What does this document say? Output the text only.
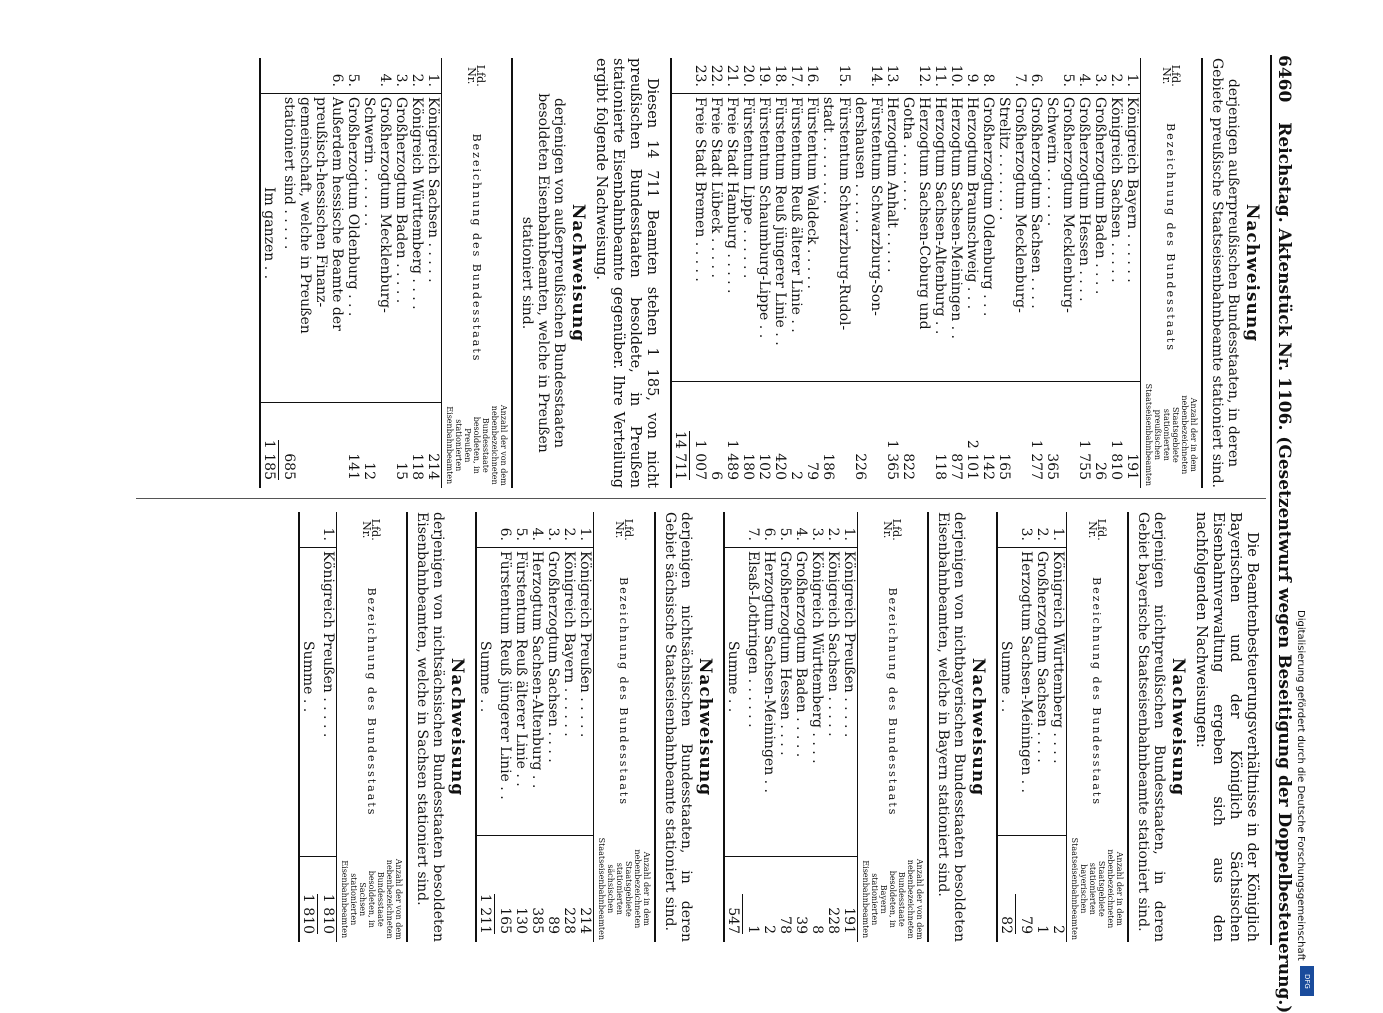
6460 Reichstag. Aktenstück Nr. 1106. (Gesetzentwurf wegen Beseitigung der Doppelbesteuerung.)
Nachweisung
derjenigen außerpreußischen Bundesstaaten, in deren Gebiete preußische Staatseisenbahnbeamte stationiert sind.
Lfd. Nr.	Bezeichnung des Bundesstaats	Anzahl der in dem nebenbezeichneten Staatsgebiete stationierten preußischen Staatseisenbahnbeamten
1.	Königreich Bayern . . . . . .	191
2.	Königreich Sachsen . . . . .	1 810
3.	Großherzogtum Baden . . . .	26
4.	Großherzogtum Hessen . . . .	1 755
5.	Großherzogtum Mecklenburg-	
	Schwerin . . . . . . .	365
6.	Großherzogtum Sachsen . . . .	1 277
7.	Großherzogtum Mecklenburg-	
	Strelitz . . . . . . . .	165
8.	Großherzogtum Oldenburg . . .	142
9.	Herzogtum Braunschweig . . .	2 101
10.	Herzogtum Sachsen-Meiningen . .	877
11.	Herzogtum Sachsen-Altenburg . .	118
12.	Herzogtum Sachsen-Coburg und	
	Gotha . . . . . . . .	822
13.	Herzogtum Anhalt . . . . .	1 365
14.	Fürstentum Schwarzburg-Son-	
	dershausen . . . . . .	226
15.	Fürstentum Schwarzburg-Rudol-	
	stadt . . . . . . . .	186
16.	Fürstentum Waldeck . . . . .	79
17.	Fürstentum Reuß älterer Linie . .	2
18.	Fürstentum Reuß jüngerer Linie . .	420
19.	Fürstentum Schaumburg-Lippe . .	102
20.	Fürstentum Lippe . . . . . .	180
21.	Freie Stadt Hamburg . . . . .	1 489
22.	Freie Stadt Lübeck . . . . .	6
23.	Freie Stadt Bremen . . . . .	1 007
		14 711
Diesen 14 711 Beamten stehen 1 185, von nicht preußischen Bundesstaaten besoldete, in Preußen stationierte Eisenbahnbeamte gegenüber. Ihre Verteilung ergibt folgende Nachweisung.
Nachweisung
derjenigen von außerpreußischen Bundesstaaten besoldeten Eisenbahnbeamten, welche in Preußen stationiert sind.
Lfd. Nr.	Bezeichnung des Bundesstaats	Anzahl der von dem nebenbezeichneten Bundesstaate besoldeten, in Preußen stationierten Eisenbahnbeamten
1.	Königreich Sachsen . . . . .	214
2.	Königreich Württemberg . . . .	118
3.	Großherzogtum Baden . . . . .	15
4.	Großherzogtum Mecklenburg-	
	Schwerin . . . . . . .	12
5.	Großherzogtum Oldenburg . . .	141
6.	Außerdem hessische Beamte der	
	preußisch-hessischen Finanz-	
	gemeinschaft, welche in Preußen	
	stationiert sind . . . . .	685
	Im ganzen . .	1 185
Die Beamtenbesteuerungsverhältnisse in der Königlich Bayerischen und der Königlich Sächsischen Eisenbahnverwaltung ergeben sich aus den nachfolgenden Nachweisungen:
Nachweisung
derjenigen nichtpreußischen Bundesstaaten, in deren Gebiet bayerische Staatseisenbahnbeamte stationiert sind.
Lfd. Nr.	Bezeichnung des Bundesstaats	Anzahl der in dem nebenbezeichneten Staatsgebiete stationierten bayerischen Staatseisenbahnbeamten
1.	Königreich Württemberg . . . .	2
2.	Großherzogtum Sachsen . . . .	1
3.	Herzogtum Sachsen-Meiningen . .	79
	Summe . .	82
Nachweisung
derjenigen von nichtbayerischen Bundesstaaten besoldeten Eisenbahnbeamten, welche in Bayern stationiert sind.
Lfd. Nr.	Bezeichnung des Bundesstaats	Anzahl der von dem nebenbezeichneten Bundesstaate besoldeten, in Bayern stationierten Eisenbahnbeamten
1.	Königreich Preußen . . . . .	191
2.	Königreich Sachsen . . . . .	228
3.	Königreich Württemberg . . . .	8
4.	Großherzogtum Baden . . . . .	39
5.	Großherzogtum Hessen . . . .	78
6.	Herzogtum Sachsen-Meiningen . .	2
7.	Elsaß-Lothringen . . . . . .	1
	Summe . .	547
Nachweisung
derjenigen nichtsächsischen Bundesstaaten, in deren Gebiet sächsische Staatseisenbahnbeamte stationiert sind.
Lfd. Nr.	Bezeichnung des Bundesstaats	Anzahl der in dem nebenbezeichneten Staatsgebiete stationierten sächsischen Staatseisenbahnbeamten
1.	Königreich Preußen . . . . .	214
2.	Königreich Bayern . . . . . .	228
3.	Großherzogtum Sachsen . . . .	89
4.	Herzogtum Sachsen-Altenburg . .	385
5.	Fürstentum Reuß älterer Linie . .	130
6.	Fürstentum Reuß jüngerer Linie . .	165
	Summe . .	1 211
Nachweisung
derjenigen von nichtsächsischen Bundesstaaten besoldeten Eisenbahnbeamten, welche in Sachsen stationiert sind.
Lfd. Nr.	Bezeichnung des Bundesstaats	Anzahl der von dem nebenbezeichneten Bundesstaate besoldeten, in Sachsen stationierten Eisenbahnbeamten
1.	Königreich Preußen . . . . .	1 810
	Summe . .	1 810	Digitalisierung gefördert durch die Deutsche Forschungsgemeinschaft
DFG
